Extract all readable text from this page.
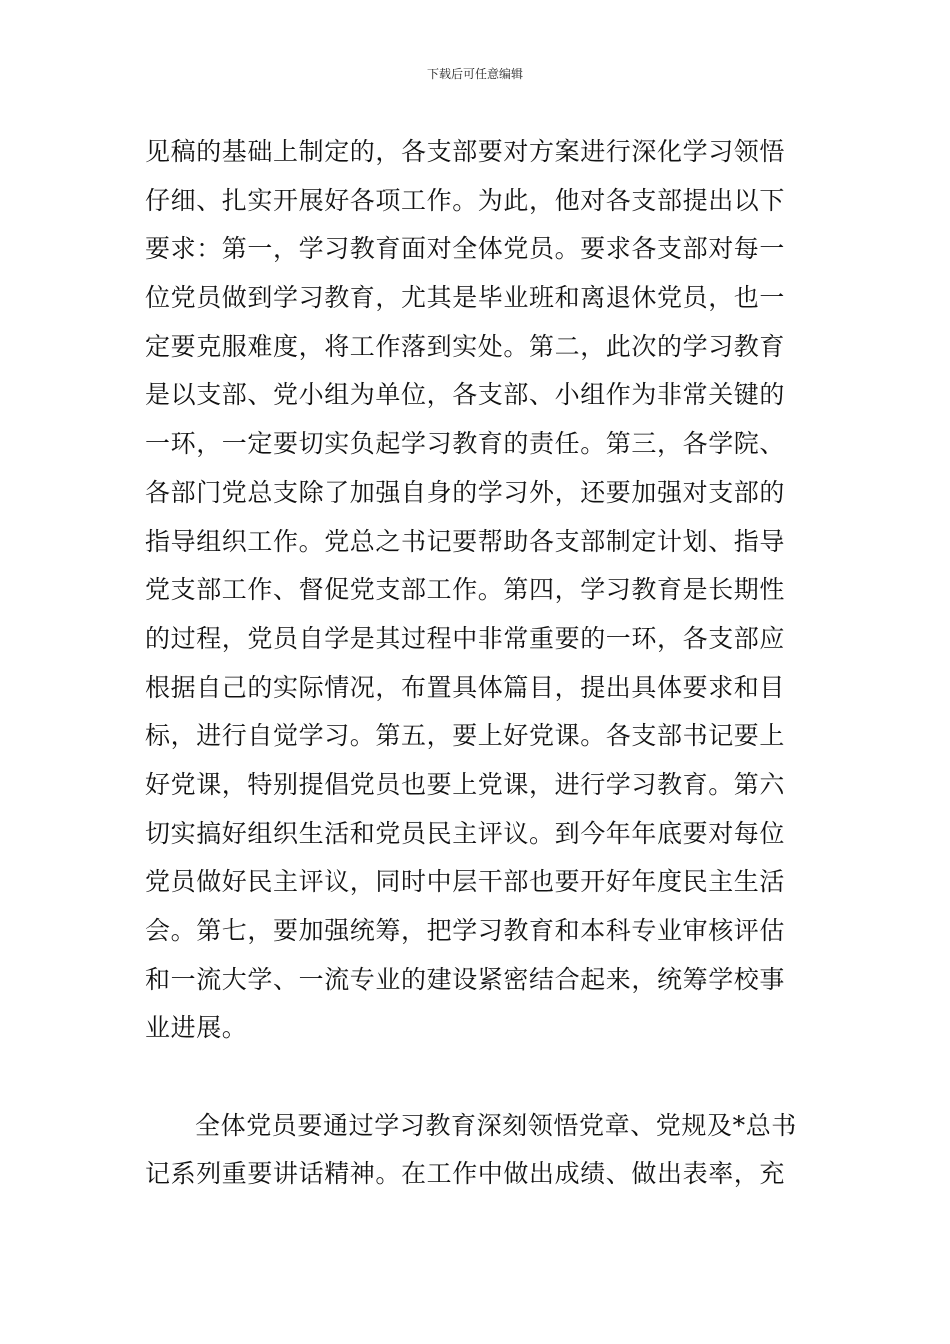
下载后可任意编辑
见稿的基础上制定的，各支部要对方案进行深化学习领悟
仔细、扎实开展好各项工作。为此，他对各支部提出以下
要求：第一，学习教育面对全体党员。要求各支部对每一
位党员做到学习教育，尤其是毕业班和离退休党员，也一
定要克服难度，将工作落到实处。第二，此次的学习教育
是以支部、党小组为单位，各支部、小组作为非常关键的
一环，一定要切实负起学习教育的责任。第三，各学院、
各部门党总支除了加强自身的学习外，还要加强对支部的
指导组织工作。党总之书记要帮助各支部制定计划、指导
党支部工作、督促党支部工作。第四，学习教育是长期性
的过程，党员自学是其过程中非常重要的一环，各支部应
根据自己的实际情况，布置具体篇目，提出具体要求和目
标，进行自觉学习。第五，要上好党课。各支部书记要上
好党课，特别提倡党员也要上党课，进行学习教育。第六
切实搞好组织生活和党员民主评议。到今年年底要对每位
党员做好民主评议，同时中层干部也要开好年度民主生活
会。第七，要加强统筹，把学习教育和本科专业审核评估
和一流大学、一流专业的建设紧密结合起来，统筹学校事
业进展。
全体党员要通过学习教育深刻领悟党章、党规及*总书
记系列重要讲话精神。在工作中做出成绩、做出表率，充
